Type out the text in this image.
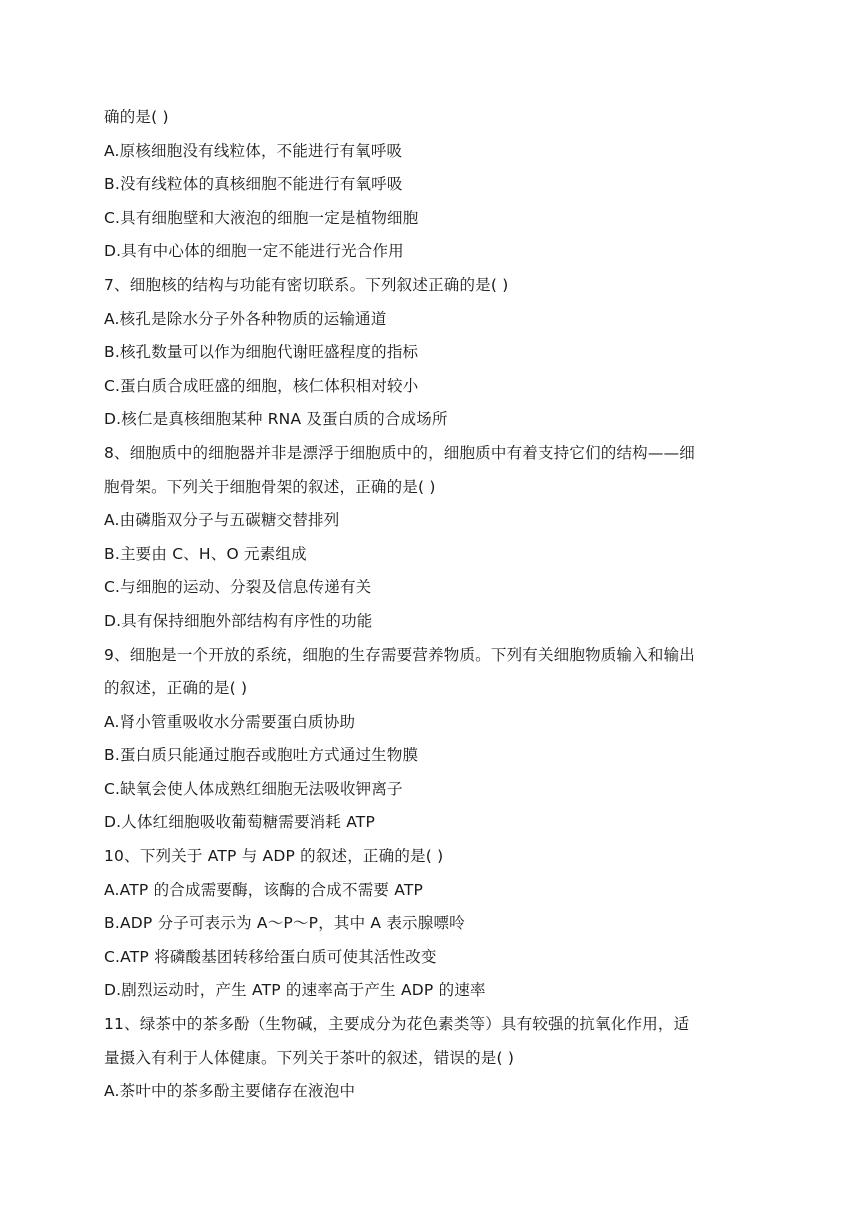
确的是( )
A.原核细胞没有线粒体，不能进行有氧呼吸
B.没有线粒体的真核细胞不能进行有氧呼吸
C.具有细胞壁和大液泡的细胞一定是植物细胞
D.具有中心体的细胞一定不能进行光合作用
7、细胞核的结构与功能有密切联系。下列叙述正确的是( )
A.核孔是除水分子外各种物质的运输通道
B.核孔数量可以作为细胞代谢旺盛程度的指标
C.蛋白质合成旺盛的细胞，核仁体积相对较小
D.核仁是真核细胞某种 RNA 及蛋白质的合成场所
8、细胞质中的细胞器并非是漂浮于细胞质中的，细胞质中有着支持它们的结构——细
胞骨架。下列关于细胞骨架的叙述，正确的是( )
A.由磷脂双分子与五碳糖交替排列
B.主要由 C、H、O 元素组成
C.与细胞的运动、分裂及信息传递有关
D.具有保持细胞外部结构有序性的功能
9、细胞是一个开放的系统，细胞的生存需要营养物质。下列有关细胞物质输入和输出
的叙述，正确的是( )
A.肾小管重吸收水分需要蛋白质协助
B.蛋白质只能通过胞吞或胞吐方式通过生物膜
C.缺氧会使人体成熟红细胞无法吸收钾离子
D.人体红细胞吸收葡萄糖需要消耗 ATP
10、下列关于 ATP 与 ADP 的叙述，正确的是( )
A.ATP 的合成需要酶，该酶的合成不需要 ATP
B.ADP 分子可表示为 A～P～P，其中 A 表示腺嘌呤
C.ATP 将磷酸基团转移给蛋白质可使其活性改变
D.剧烈运动时，产生 ATP 的速率高于产生 ADP 的速率
11、绿茶中的茶多酚（生物碱，主要成分为花色素类等）具有较强的抗氧化作用，适
量摄入有利于人体健康。下列关于茶叶的叙述，错误的是( )
A.茶叶中的茶多酚主要储存在液泡中
